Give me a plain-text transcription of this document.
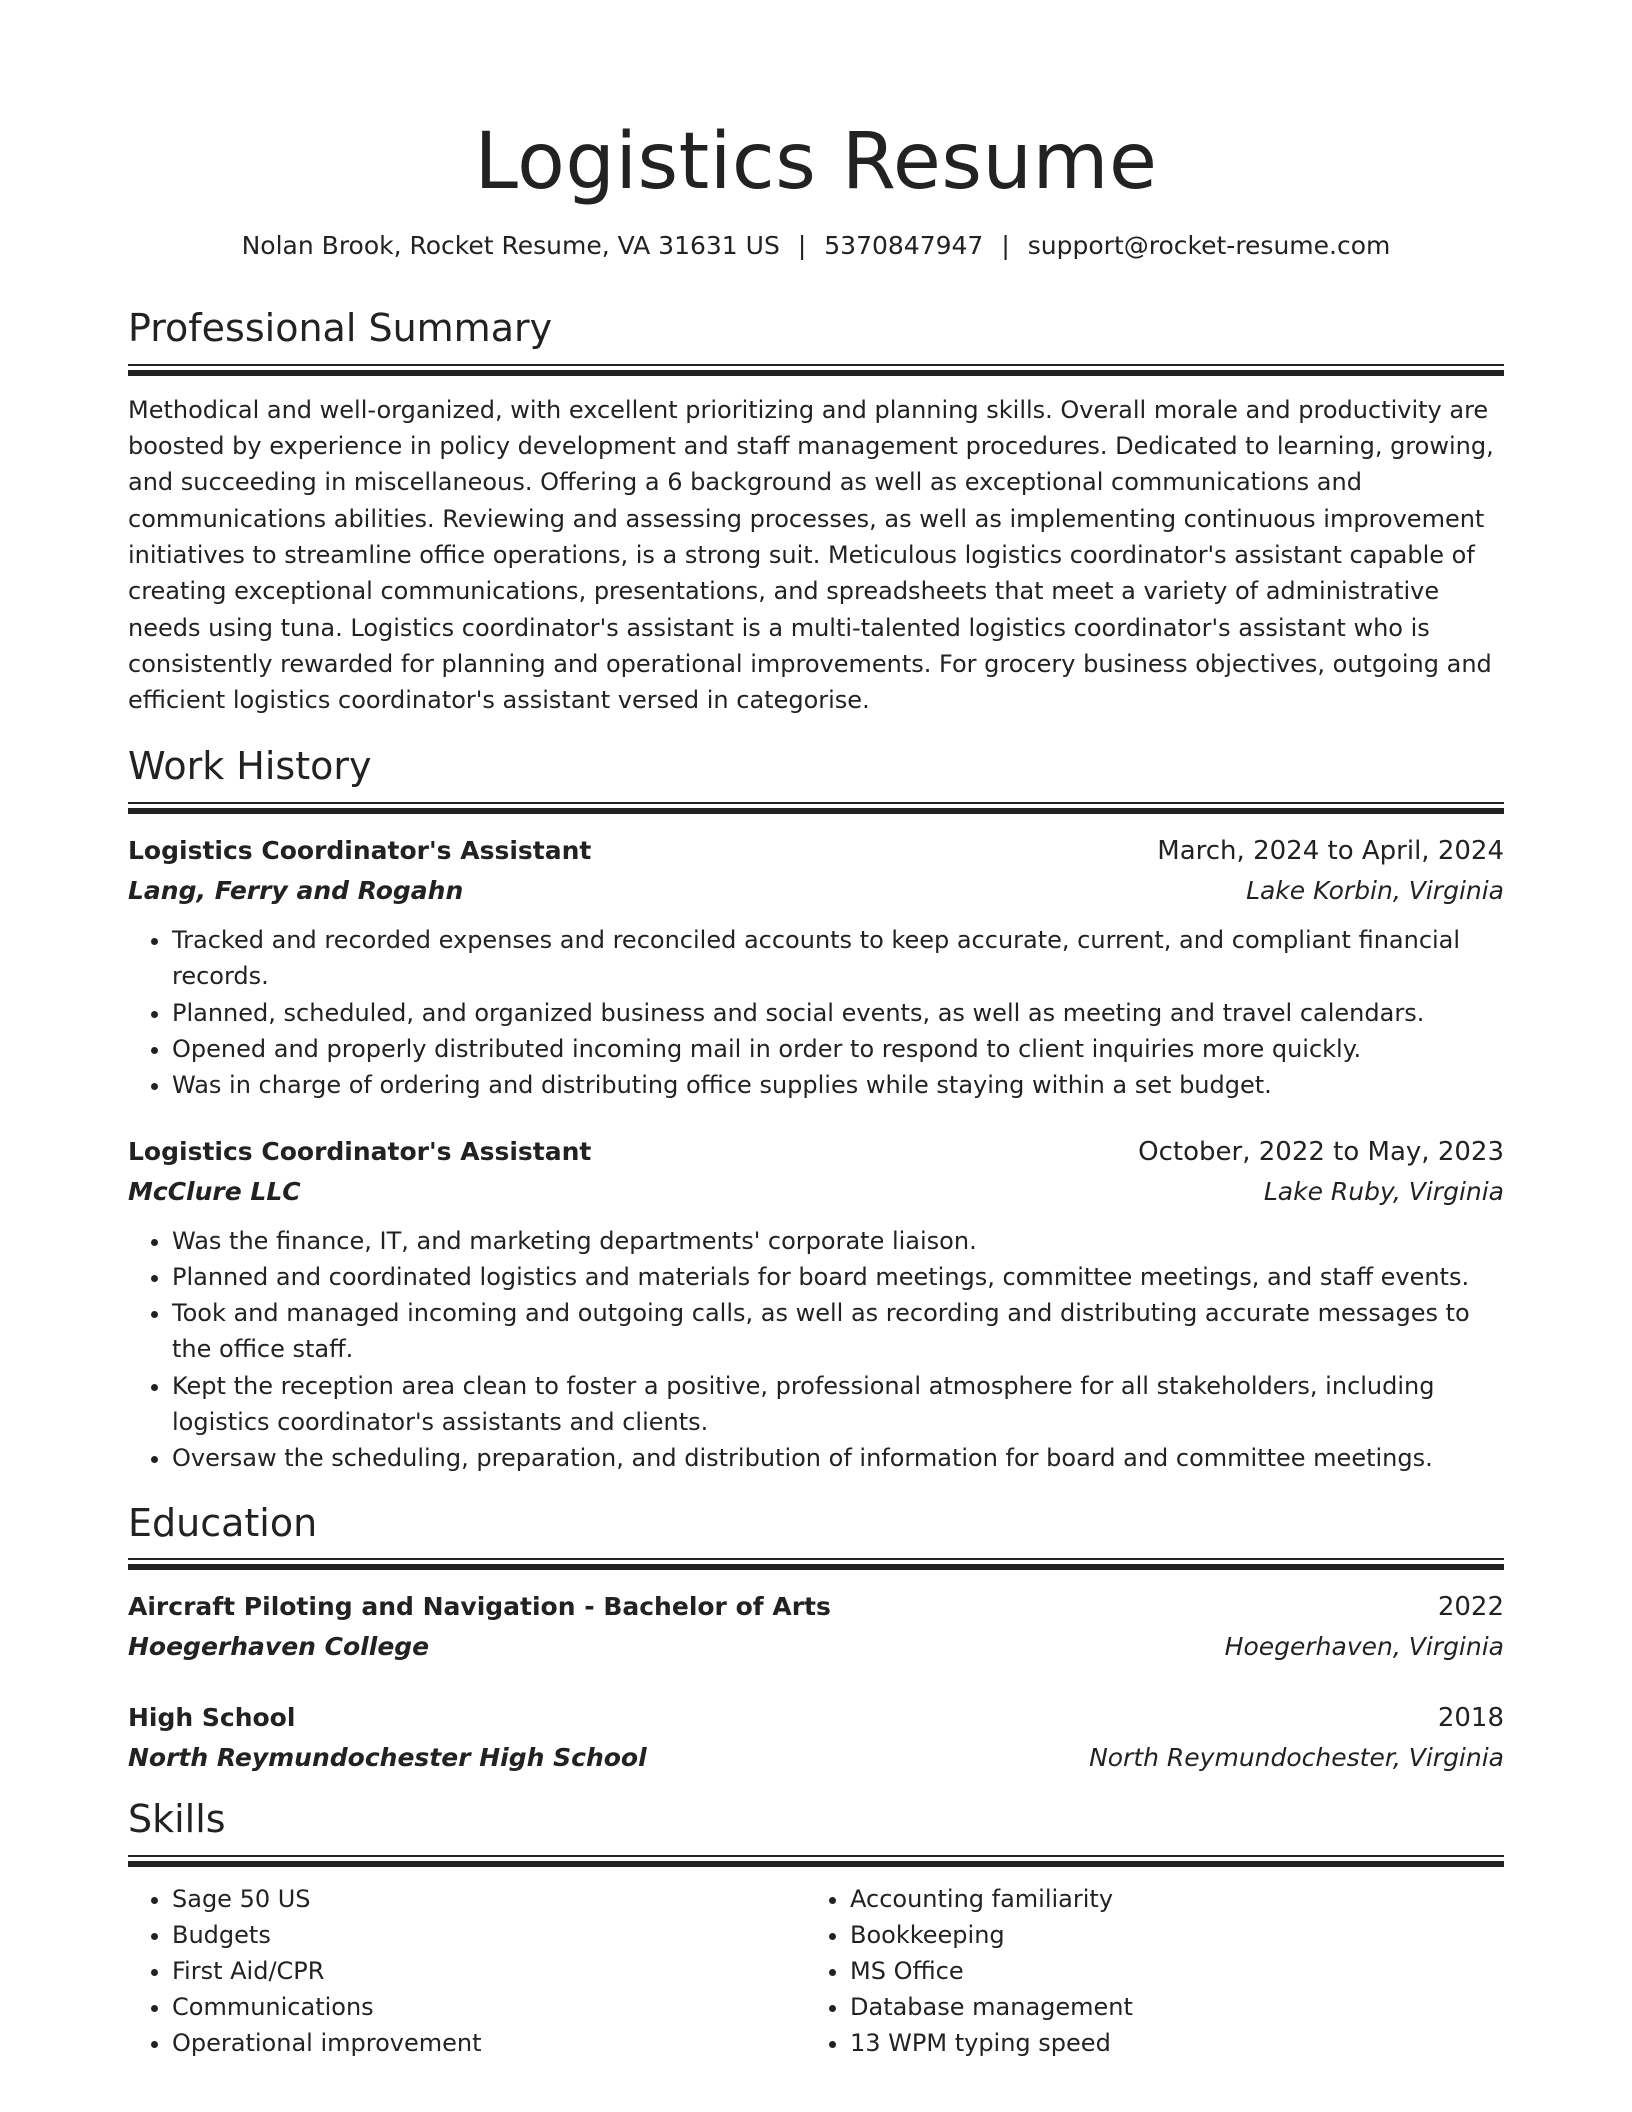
Logistics Resume
Nolan Brook, Rocket Resume, VA 31631 US | 5370847947 | support@rocket-resume.com
Professional Summary

Methodical and well-organized, with excellent prioritizing and planning skills. Overall morale and productivity are boosted by experience in policy development and staff management procedures. Dedicated to learning, growing, and succeeding in miscellaneous. Offering a 6 background as well as exceptional communications and communications abilities. Reviewing and assessing processes, as well as implementing continuous improvement initiatives to streamline office operations, is a strong suit. Meticulous logistics coordinator's assistant capable of creating exceptional communications, presentations, and spreadsheets that meet a variety of administrative needs using tuna. Logistics coordinator's assistant is a multi-talented logistics coordinator's assistant who is consistently rewarded for planning and operational improvements. For grocery business objectives, outgoing and efficient logistics coordinator's assistant versed in categorise.

Work History
Logistics Coordinator's Assistant	March, 2024 to April, 2024
Lang, Ferry and Rogahn	Lake Korbin, Virginia
• Tracked and recorded expenses and reconciled accounts to keep accurate, current, and compliant financial records.
• Planned, scheduled, and organized business and social events, as well as meeting and travel calendars.
• Opened and properly distributed incoming mail in order to respond to client inquiries more quickly.
• Was in charge of ordering and distributing office supplies while staying within a set budget.
Logistics Coordinator's Assistant	October, 2022 to May, 2023
McClure LLC	Lake Ruby, Virginia
• Was the finance, IT, and marketing departments' corporate liaison.
• Planned and coordinated logistics and materials for board meetings, committee meetings, and staff events.
• Took and managed incoming and outgoing calls, as well as recording and distributing accurate messages to the office staff.
• Kept the reception area clean to foster a positive, professional atmosphere for all stakeholders, including logistics coordinator's assistants and clients.
• Oversaw the scheduling, preparation, and distribution of information for board and committee meetings.
Education
Aircraft Piloting and Navigation - Bachelor of Arts	2022
Hoegerhaven College	Hoegerhaven, Virginia
High School	2018
North Reymundochester High School	North Reymundochester, Virginia
Skills
• Sage 50 US
• Budgets
• First Aid/CPR
• Communications
• Operational improvement
• Accounting familiarity
• Bookkeeping
• MS Office
• Database management
• 13 WPM typing speed
